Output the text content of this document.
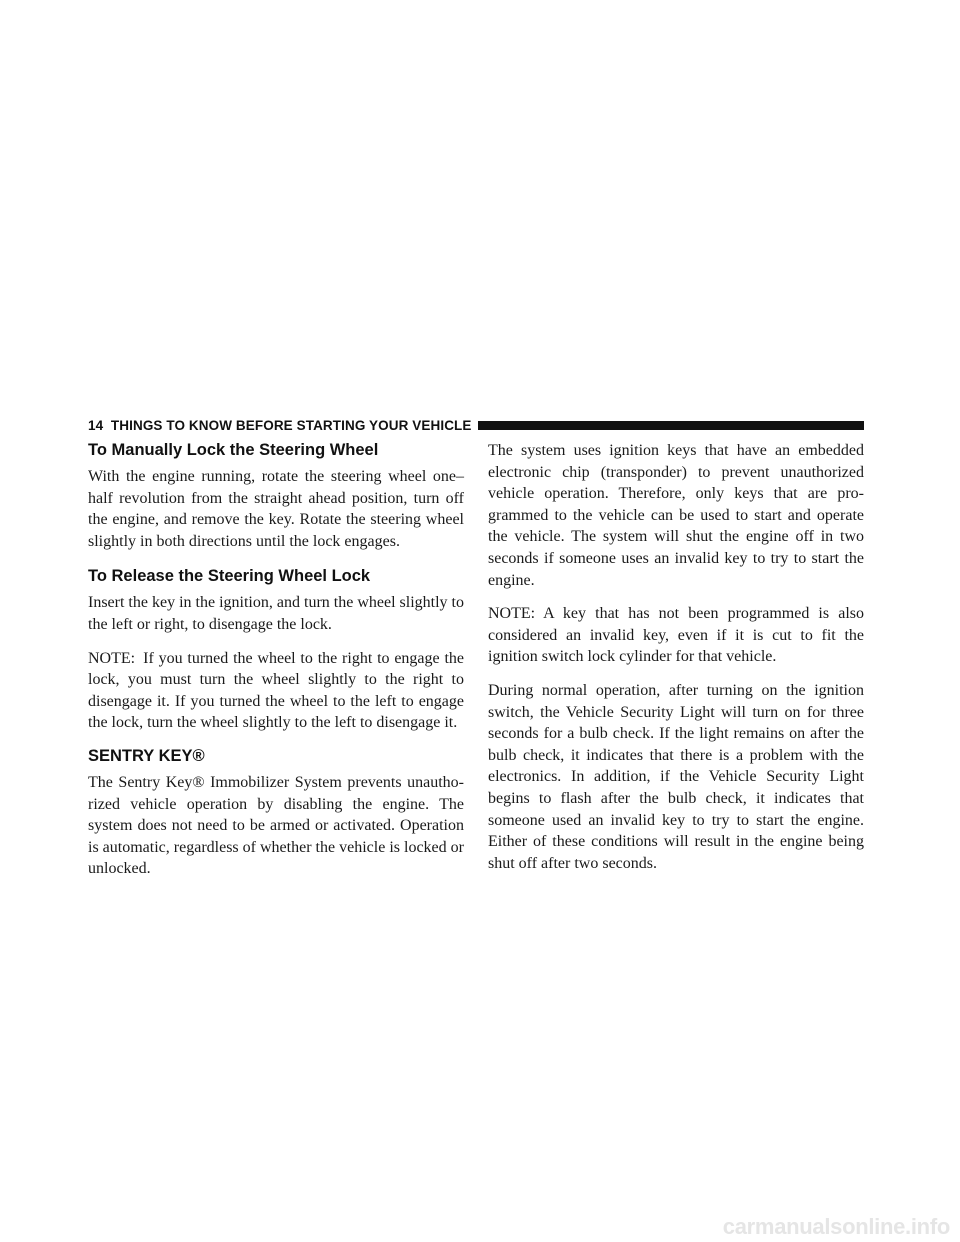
14 THINGS TO KNOW BEFORE STARTING YOUR VEHICLE
To Manually Lock the Steering Wheel

With the engine running, rotate the steering wheel one–half revolution from the straight ahead position, turn off the engine, and remove the key. Rotate the steering wheel slightly in both directions until the lock engages.

To Release the Steering Wheel Lock

Insert the key in the ignition, and turn the wheel slightly to the left or right, to disengage the lock.

NOTE: If you turned the wheel to the right to engage the lock, you must turn the wheel slightly to the right to disengage it. If you turned the wheel to the left to engage the lock, turn the wheel slightly to the left to disengage it.

SENTRY KEY®

The Sentry Key® Immobilizer System prevents unauthorized vehicle operation by disabling the engine. The system does not need to be armed or activated. Operation is automatic, regardless of whether the vehicle is locked or unlocked.

The system uses ignition keys that have an embedded electronic chip (transponder) to prevent unauthorized vehicle operation. Therefore, only keys that are programmed to the vehicle can be used to start and operate the vehicle. The system will shut the engine off in two seconds if someone uses an invalid key to try to start the engine.

NOTE: A key that has not been programmed is also considered an invalid key, even if it is cut to fit the ignition switch lock cylinder for that vehicle.

During normal operation, after turning on the ignition switch, the Vehicle Security Light will turn on for three seconds for a bulb check. If the light remains on after the bulb check, it indicates that there is a problem with the electronics. In addition, if the Vehicle Security Light begins to flash after the bulb check, it indicates that someone used an invalid key to try to start the engine. Either of these conditions will result in the engine being shut off after two seconds.

carmanualsonline.info
